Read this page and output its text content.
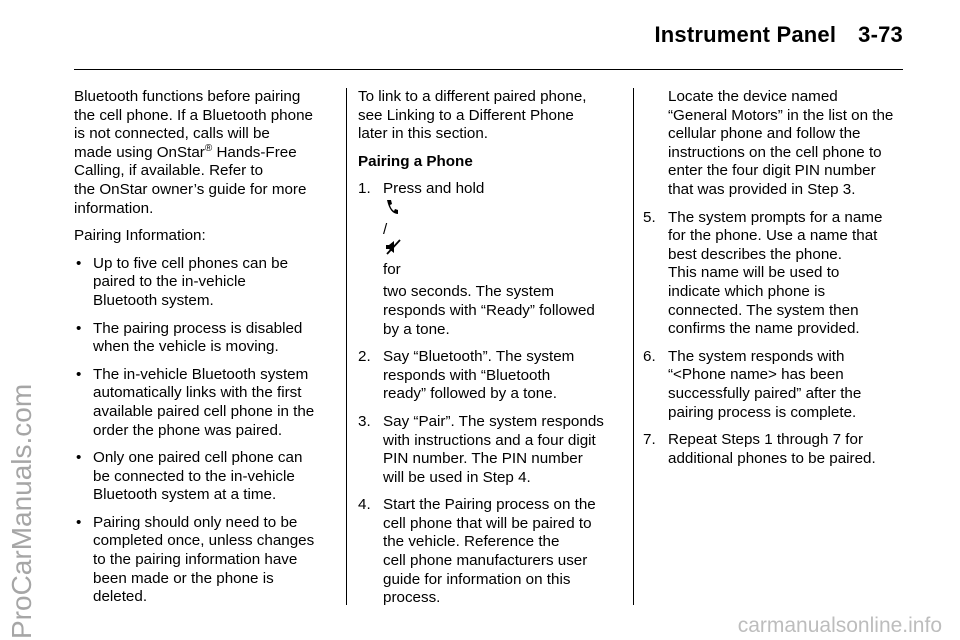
Instrument Panel 3-73
ProCarManuals.com	carmanualsonline.info

Bluetooth functions before pairing
the cell phone. If a Bluetooth phone
is not connected, calls will be
made using OnStar® Hands-Free
Calling, if available. Refer to
the OnStar owner’s guide for more
information.

Pairing Information:

• Up to five cell phones can be
paired to the in-vehicle
Bluetooth system.
• The pairing process is disabled
when the vehicle is moving.
• The in-vehicle Bluetooth system
automatically links with the first
available paired cell phone in the
order the phone was paired.
• Only one paired cell phone can
be connected to the in-vehicle
Bluetooth system at a time.
• Pairing should only need to be
completed once, unless changes
to the pairing information have
been made or the phone is
deleted.

To link to a different paired phone,
see Linking to a Different Phone
later in this section.

Pairing a Phone
1. Press and hold
/
for
two seconds. The system
responds with “Ready” followed
by a tone.
2. Say “Bluetooth”. The system
responds with “Bluetooth
ready” followed by a tone.
3. Say “Pair”. The system responds
with instructions and a four digit
PIN number. The PIN number
will be used in Step 4.
4. Start the Pairing process on the
cell phone that will be paired to
the vehicle. Reference the
cell phone manufacturers user
guide for information on this
process.
Locate the device named
“General Motors” in the list on the
cellular phone and follow the
instructions on the cell phone to
enter the four digit PIN number
that was provided in Step 3.
5. The system prompts for a name
for the phone. Use a name that
best describes the phone.
This name will be used to
indicate which phone is
connected. The system then
confirms the name provided.
6. The system responds with
“<Phone name> has been
successfully paired” after the
pairing process is complete.
7. Repeat Steps 1 through 7 for
additional phones to be paired.
